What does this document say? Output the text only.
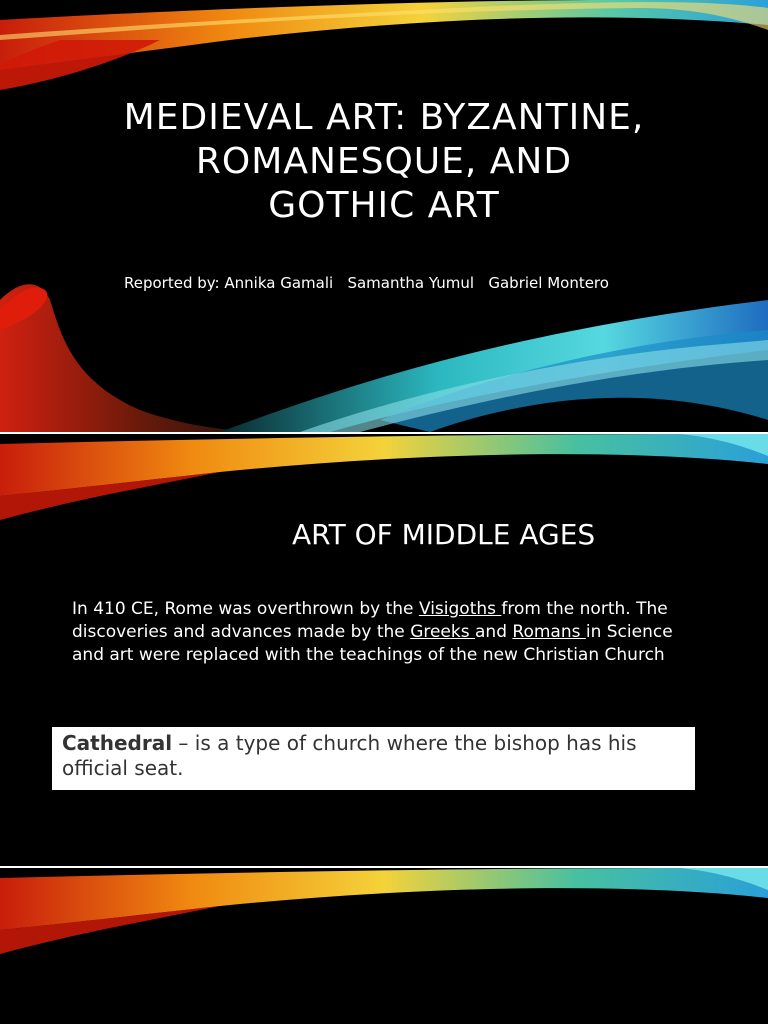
MEDIEVAL ART: BYZANTINE,
ROMANESQUE, AND
GOTHIC ART
Reported by: Annika Gamali   Samantha Yumul   Gabriel Montero
ART OF MIDDLE AGES
In 410 CE, Rome was overthrown by the Visigoths from the north. The discoveries and advances made by the Greeks and Romans in Science and art were replaced with the teachings of the new Christian Church
Cathedral – is a type of church where the bishop has his official seat.
